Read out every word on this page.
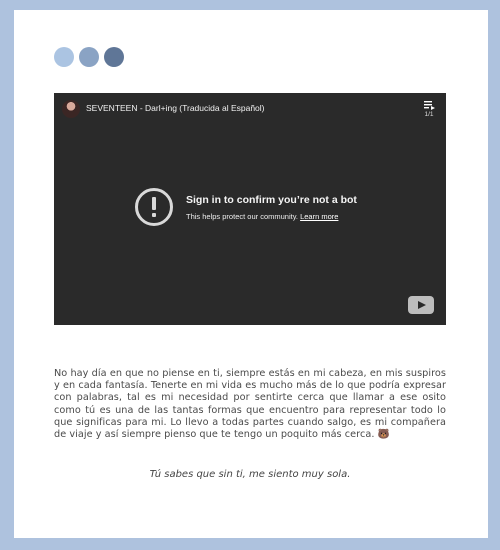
SEVENTEEN - Darl+ing (Traducida al Español)
1/1
Sign in to confirm you’re not a bot
This helps protect our community. Learn more

No hay día en que no piense en ti, siempre estás en mi cabeza, en mis suspiros y en cada fantasía. Tenerte en mi vida es mucho más de lo que podría expresar con palabras, tal es mi necesidad por sentirte cerca que llamar a ese osito como tú es una de las tantas formas que encuentro para representar todo lo que significas para mi. Lo llevo a todas partes cuando salgo, es mi compañera de viaje y así siempre pienso que te tengo un poquito más cerca. 🐻

Tú sabes que sin ti, me siento muy sola.
